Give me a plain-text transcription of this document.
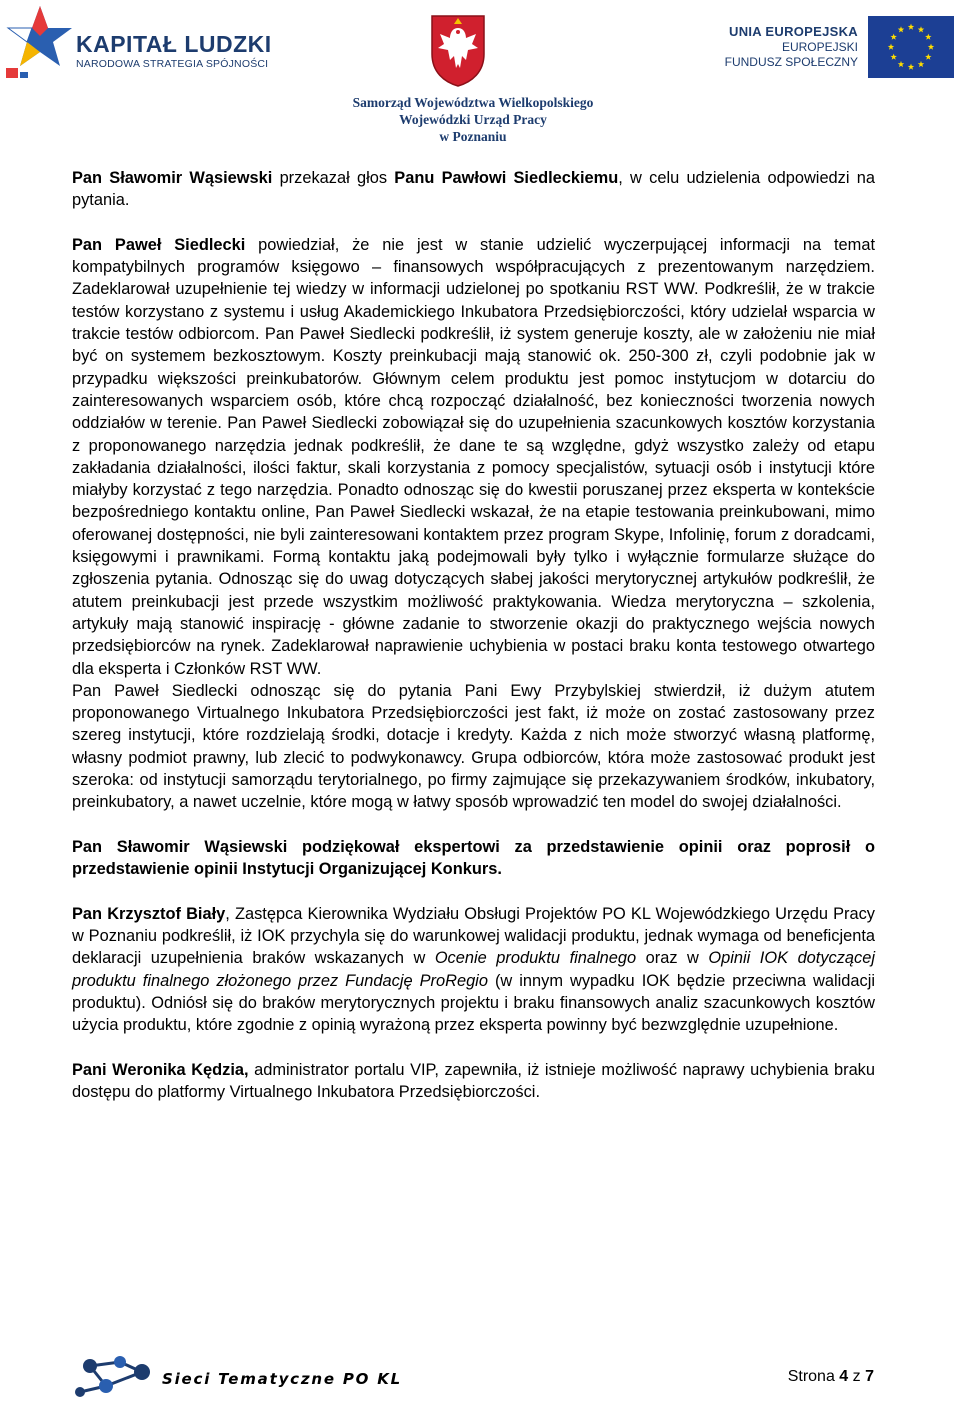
KAPITAŁ LUDZKI
NARODOWA STRATEGIA SPÓJNOŚCI
Samorząd Województwa Wielkopolskiego
Wojewódzki Urząd Pracy
w Poznaniu
UNIA EUROPEJSKA
EUROPEJSKI
FUNDUSZ SPOŁECZNY

Pan Sławomir Wąsiewski przekazał głos Panu Pawłowi Siedleckiemu, w celu udzielenia odpowiedzi na pytania.

Pan Paweł Siedlecki powiedział, że nie jest w stanie udzielić wyczerpującej informacji na temat kompatybilnych programów księgowo – finansowych współpracujących z prezentowanym narzędziem. Zadeklarował uzupełnienie tej wiedzy w informacji udzielonej po spotkaniu RST WW. Podkreślił, że w trakcie testów korzystano z systemu i usług Akademickiego Inkubatora Przedsiębiorczości, który udzielał wsparcia w trakcie testów odbiorcom. Pan Paweł Siedlecki podkreślił, iż system generuje koszty, ale w założeniu nie miał być on systemem bezkosztowym. Koszty preinkubacji mają stanowić ok. 250-300 zł, czyli podobnie jak w przypadku większości preinkubatorów. Głównym celem produktu jest pomoc instytucjom w dotarciu do zainteresowanych wsparciem osób, które chcą rozpocząć działalność, bez konieczności tworzenia nowych oddziałów w terenie. Pan Paweł Siedlecki zobowiązał się do uzupełnienia szacunkowych kosztów korzystania z proponowanego narzędzia jednak podkreślił, że dane te są względne, gdyż wszystko zależy od etapu zakładania działalności, ilości faktur, skali korzystania z pomocy specjalistów, sytuacji osób i instytucji które miałyby korzystać z tego narzędzia. Ponadto odnosząc się do kwestii poruszanej przez eksperta w kontekście bezpośredniego kontaktu online, Pan Paweł Siedlecki wskazał, że na etapie testowania preinkubowani, mimo oferowanej dostępności, nie byli zainteresowani kontaktem przez program Skype, Infolinię, forum z doradcami, księgowymi i prawnikami. Formą kontaktu jaką podejmowali były tylko i wyłącznie formularze służące do zgłoszenia pytania. Odnosząc się do uwag dotyczących słabej jakości merytorycznej artykułów podkreślił, że atutem preinkubacji jest przede wszystkim możliwość praktykowania. Wiedza merytoryczna – szkolenia, artykuły mają stanowić inspirację - główne zadanie to stworzenie okazji do praktycznego wejścia nowych przedsiębiorców na rynek. Zadeklarował naprawienie uchybienia w postaci braku konta testowego otwartego dla eksperta i Członków RST WW.

Pan Paweł Siedlecki odnosząc się do pytania Pani Ewy Przybylskiej stwierdził, iż dużym atutem proponowanego Virtualnego Inkubatora Przedsiębiorczości jest fakt, iż może on zostać zastosowany przez szereg instytucji, które rozdzielają środki, dotacje i kredyty. Każda z nich może stworzyć własną platformę, własny podmiot prawny, lub zlecić to podwykonawcy. Grupa odbiorców, która może zastosować produkt jest szeroka: od instytucji samorządu terytorialnego, po firmy zajmujące się przekazywaniem środków, inkubatory, preinkubatory, a nawet uczelnie, które mogą w łatwy sposób wprowadzić ten model do swojej działalności.

Pan Sławomir Wąsiewski podziękował ekspertowi za przedstawienie opinii oraz poprosił o przedstawienie opinii Instytucji Organizującej Konkurs.

Pan Krzysztof Biały, Zastępca Kierownika Wydziału Obsługi Projektów PO KL Wojewódzkiego Urzędu Pracy w Poznaniu podkreślił, iż IOK przychyla się do warunkowej walidacji produktu, jednak wymaga od beneficjenta deklaracji uzupełnienia braków wskazanych w Ocenie produktu finalnego oraz w Opinii IOK dotyczącej produktu finalnego złożonego przez Fundację ProRegio (w innym wypadku IOK będzie przeciwna walidacji produktu). Odniósł się do braków merytorycznych projektu i braku finansowych analiz szacunkowych kosztów użycia produktu, które zgodnie z opinią wyrażoną przez eksperta powinny być bezwzględnie uzupełnione.

Pani Weronika Kędzia, administrator portalu VIP, zapewniła, iż istnieje możliwość naprawy uchybienia braku dostępu do platformy Virtualnego Inkubatora Przedsiębiorczości.

Sieci Tematyczne PO KL	Strona 4 z 7
